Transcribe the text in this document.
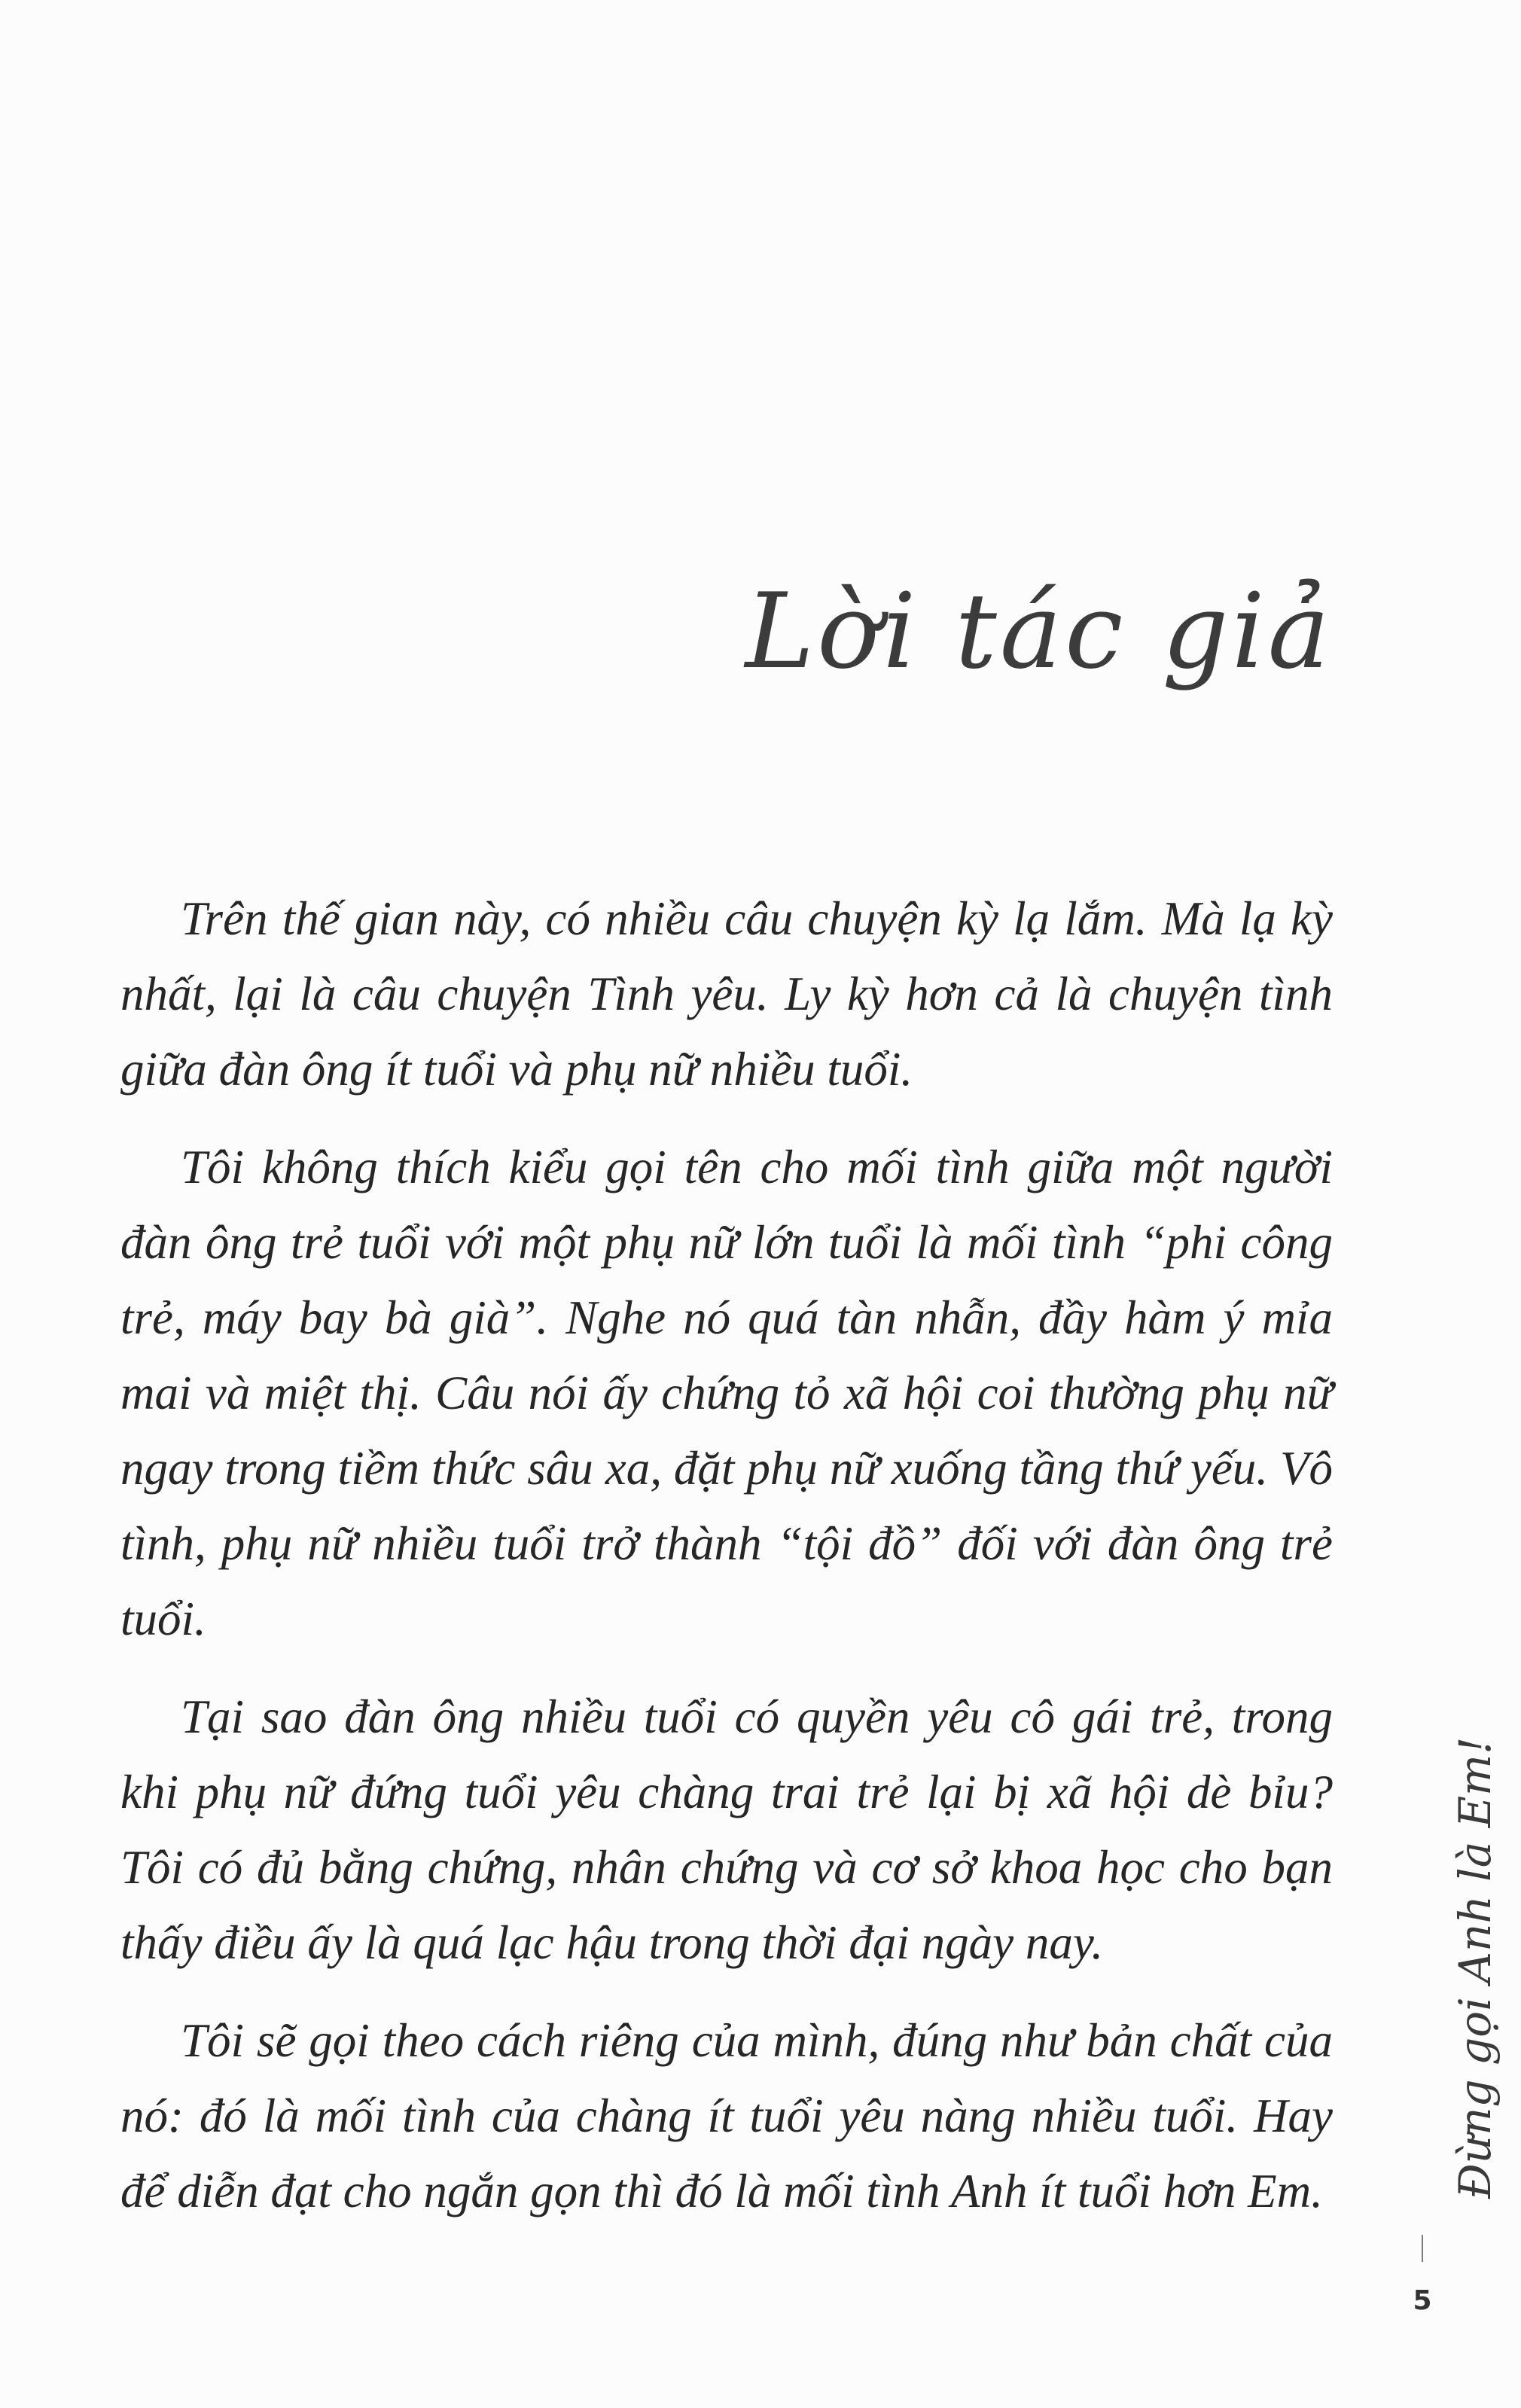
Lời tác giả

Trên thế gian này, có nhiều câu chuyện kỳ lạ lắm. Mà lạ kỳ nhất, lại là câu chuyện Tình yêu. Ly kỳ hơn cả là chuyện tình giữa đàn ông ít tuổi và phụ nữ nhiều tuổi.

Tôi không thích kiểu gọi tên cho mối tình giữa một người đàn ông trẻ tuổi với một phụ nữ lớn tuổi là mối tình “phi công trẻ, máy bay bà già”. Nghe nó quá tàn nhẫn, đầy hàm ý mỉa mai và miệt thị. Câu nói ấy chứng tỏ xã hội coi thường phụ nữ ngay trong tiềm thức sâu xa, đặt phụ nữ xuống tầng thứ yếu. Vô tình, phụ nữ nhiều tuổi trở thành “tội đồ” đối với đàn ông trẻ tuổi.

Tại sao đàn ông nhiều tuổi có quyền yêu cô gái trẻ, trong khi phụ nữ đứng tuổi yêu chàng trai trẻ lại bị xã hội dè bỉu? Tôi có đủ bằng chứng, nhân chứng và cơ sở khoa học cho bạn thấy điều ấy là quá lạc hậu trong thời đại ngày nay.

Tôi sẽ gọi theo cách riêng của mình, đúng như bản chất của nó: đó là mối tình của chàng ít tuổi yêu nàng nhiều tuổi. Hay để diễn đạt cho ngắn gọn thì đó là mối tình Anh ít tuổi hơn Em.	Đừng gọi Anh là Em!
5
